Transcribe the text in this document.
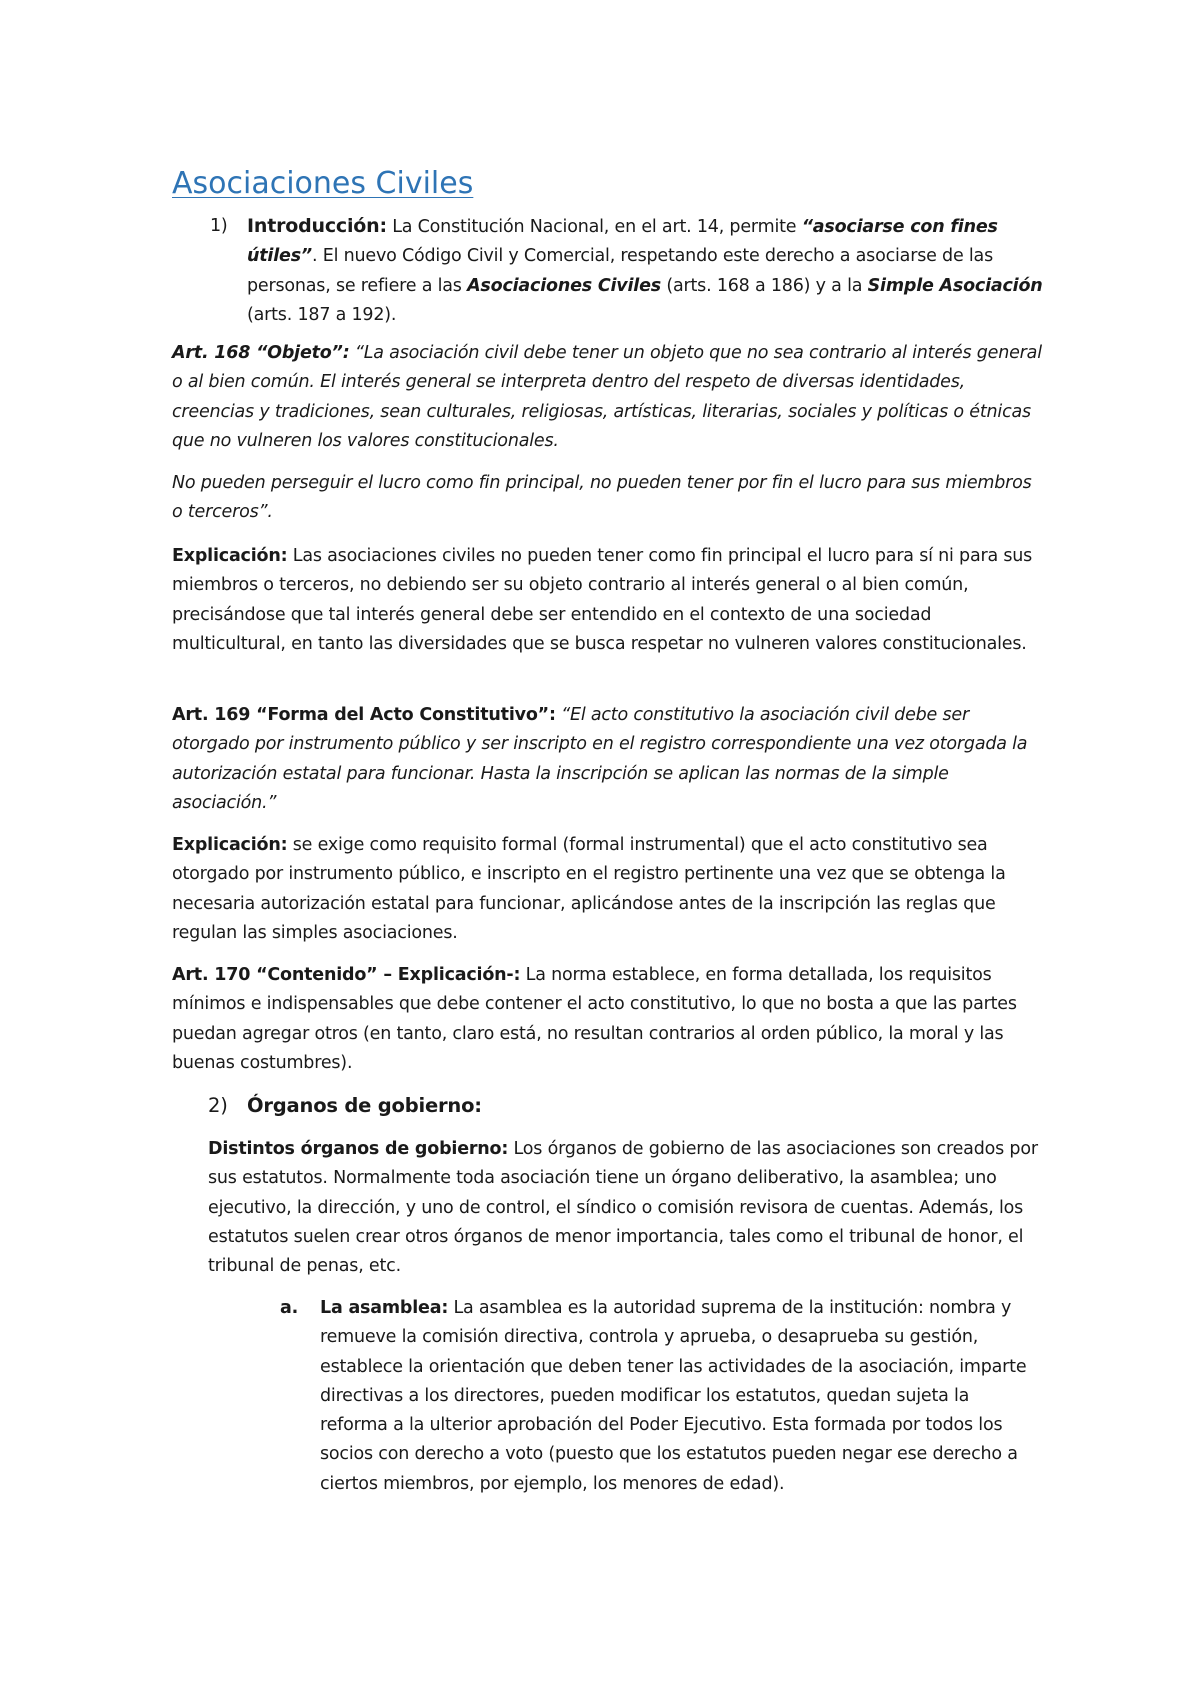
Asociaciones Civiles
1) Introducción: La Constitución Nacional, en el art. 14, permite “asociarse con fines útiles”. El nuevo Código Civil y Comercial, respetando este derecho a asociarse de las personas, se refiere a las Asociaciones Civiles (arts. 168 a 186) y a la Simple Asociación (arts. 187 a 192).

Art. 168 “Objeto”: “La asociación civil debe tener un objeto que no sea contrario al interés general o al bien común. El interés general se interpreta dentro del respeto de diversas identidades, creencias y tradiciones, sean culturales, religiosas, artísticas, literarias, sociales y políticas o étnicas que no vulneren los valores constitucionales.

No pueden perseguir el lucro como fin principal, no pueden tener por fin el lucro para sus miembros o terceros”.

Explicación: Las asociaciones civiles no pueden tener como fin principal el lucro para sí ni para sus miembros o terceros, no debiendo ser su objeto contrario al interés general o al bien común, precisándose que tal interés general debe ser entendido en el contexto de una sociedad multicultural, en tanto las diversidades que se busca respetar no vulneren valores constitucionales.

Art. 169 “Forma del Acto Constitutivo”: “El acto constitutivo la asociación civil debe ser otorgado por instrumento público y ser inscripto en el registro correspondiente una vez otorgada la autorización estatal para funcionar. Hasta la inscripción se aplican las normas de la simple asociación.”

Explicación: se exige como requisito formal (formal instrumental) que el acto constitutivo sea otorgado por instrumento público, e inscripto en el registro pertinente una vez que se obtenga la necesaria autorización estatal para funcionar, aplicándose antes de la inscripción las reglas que regulan las simples asociaciones.

Art. 170 “Contenido” – Explicación-: La norma establece, en forma detallada, los requisitos mínimos e indispensables que debe contener el acto constitutivo, lo que no bosta a que las partes puedan agregar otros (en tanto, claro está, no resultan contrarios al orden público, la moral y las buenas costumbres).

2) Órganos de gobierno:

Distintos órganos de gobierno: Los órganos de gobierno de las asociaciones son creados por sus estatutos. Normalmente toda asociación tiene un órgano deliberativo, la asamblea; uno ejecutivo, la dirección, y uno de control, el síndico o comisión revisora de cuentas. Además, los estatutos suelen crear otros órganos de menor importancia, tales como el tribunal de honor, el tribunal de penas, etc.

a. La asamblea: La asamblea es la autoridad suprema de la institución: nombra y remueve la comisión directiva, controla y aprueba, o desaprueba su gestión, establece la orientación que deben tener las actividades de la asociación, imparte directivas a los directores, pueden modificar los estatutos, quedan sujeta la reforma a la ulterior aprobación del Poder Ejecutivo. Esta formada por todos los socios con derecho a voto (puesto que los estatutos pueden negar ese derecho a ciertos miembros, por ejemplo, los menores de edad).
